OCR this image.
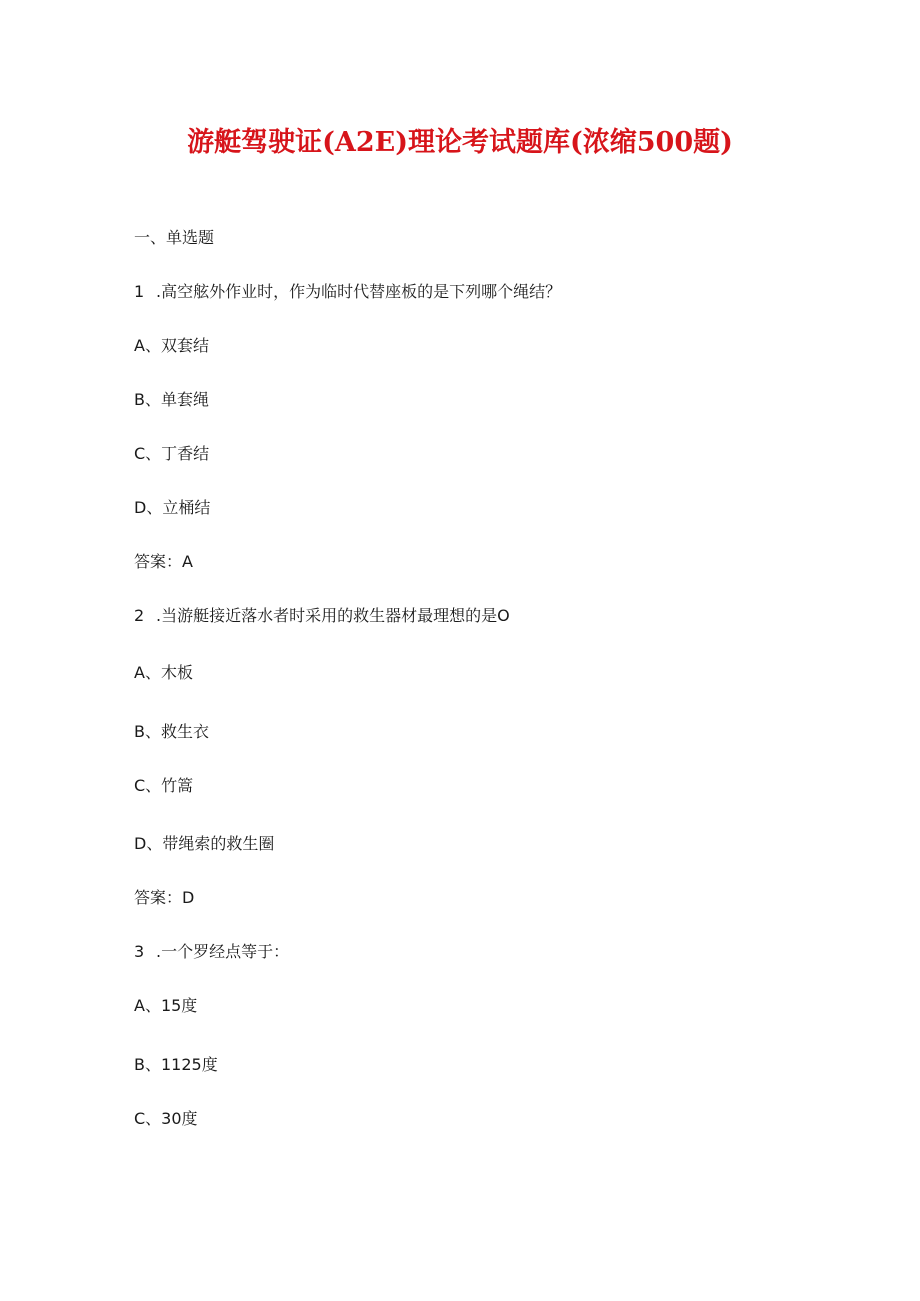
游艇驾驶证(A2E)理论考试题库(浓缩500题)
一、单选题
1 .高空舷外作业时，作为临时代替座板的是下列哪个绳结？
A、双套结
B、单套绳
C、丁香结
D、立桶结
答案：A
2 .当游艇接近落水者时采用的救生器材最理想的是O
A、木板
B、救生衣
C、竹篙
D、带绳索的救生圈
答案：D
3 .一个罗经点等于：
A、15度
B、1125度
C、30度
